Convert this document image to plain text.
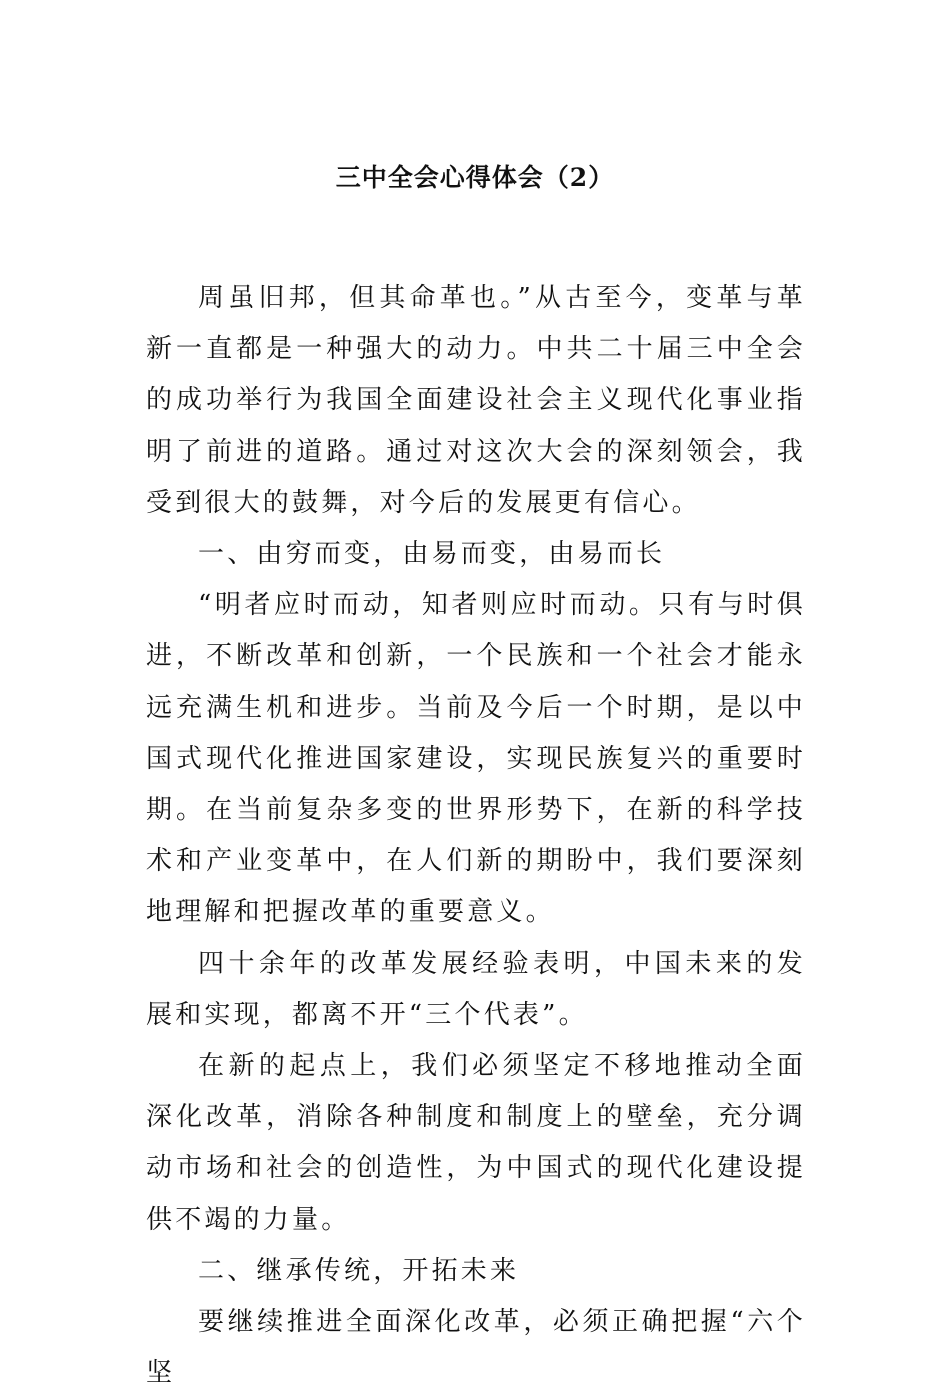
三中全会心得体会（2）

周虽旧邦，但其命革也。”从古至今，变革与革新一直都是一种强大的动力。中共二十届三中全会的成功举行为我国全面建设社会主义现代化事业指明了前进的道路。通过对这次大会的深刻领会，我受到很大的鼓舞，对今后的发展更有信心。

一、由穷而变，由易而变，由易而长

“明者应时而动，知者则应时而动。只有与时俱进，不断改革和创新，一个民族和一个社会才能永远充满生机和进步。当前及今后一个时期，是以中国式现代化推进国家建设，实现民族复兴的重要时期。在当前复杂多变的世界形势下，在新的科学技术和产业变革中，在人们新的期盼中，我们要深刻地理解和把握改革的重要意义。

四十余年的改革发展经验表明，中国未来的发展和实现，都离不开“三个代表”。

在新的起点上，我们必须坚定不移地推动全面深化改革，消除各种制度和制度上的壁垒，充分调动市场和社会的创造性，为中国式的现代化建设提供不竭的力量。

二、继承传统，开拓未来

要继续推进全面深化改革，必须正确把握“六个坚
